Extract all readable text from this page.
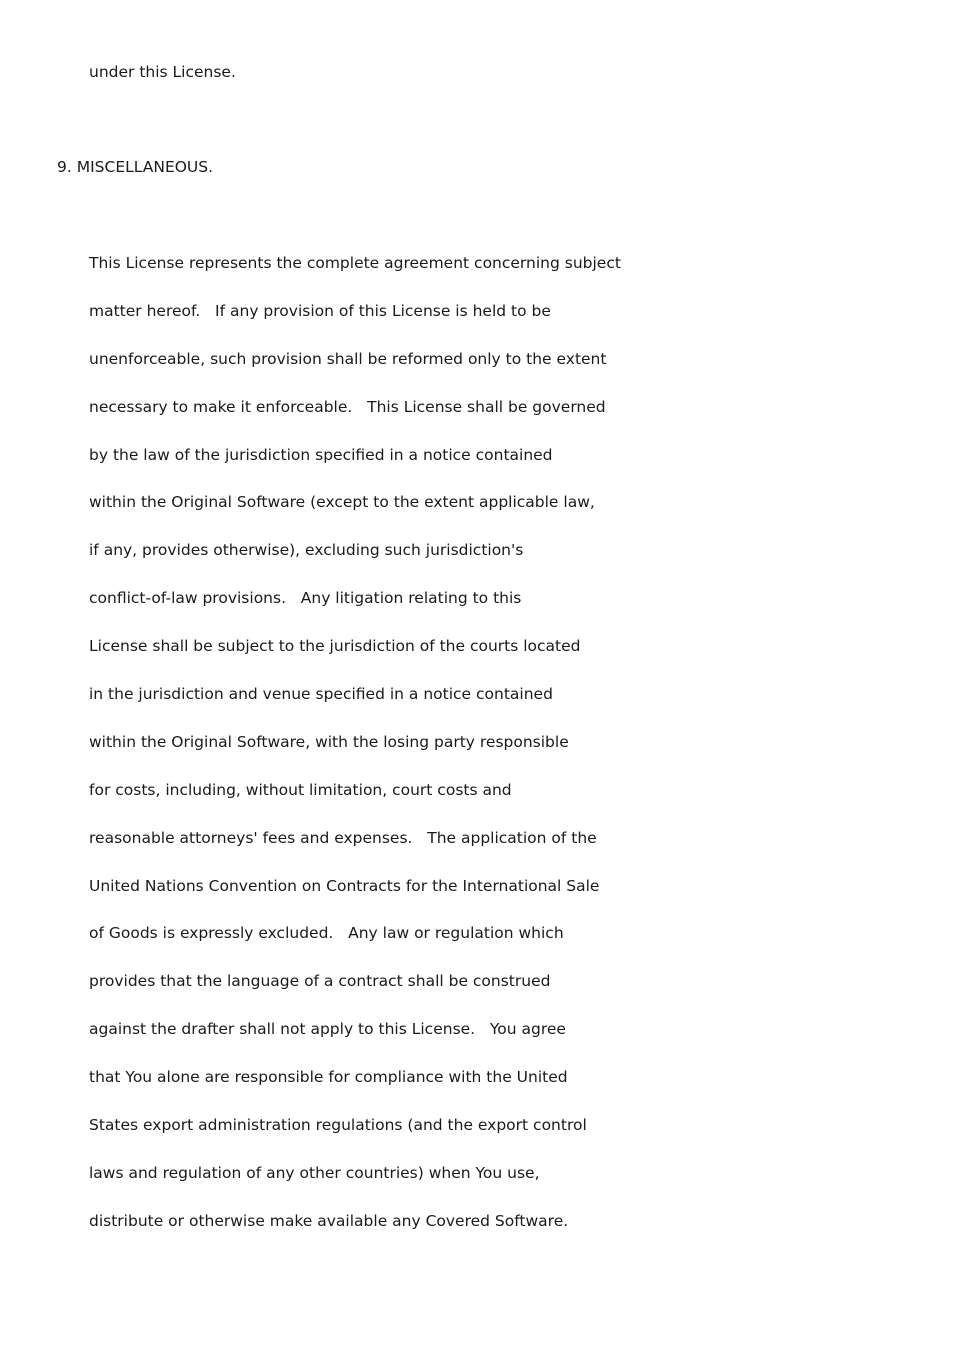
under this License.

9. MISCELLANEOUS.

This License represents the complete agreement concerning subject
matter hereof.   If any provision of this License is held to be
unenforceable, such provision shall be reformed only to the extent
necessary to make it enforceable.   This License shall be governed
by the law of the jurisdiction specified in a notice contained
within the Original Software (except to the extent applicable law,
if any, provides otherwise), excluding such jurisdiction's
conflict-of-law provisions.   Any litigation relating to this
License shall be subject to the jurisdiction of the courts located
in the jurisdiction and venue specified in a notice contained
within the Original Software, with the losing party responsible
for costs, including, without limitation, court costs and
reasonable attorneys' fees and expenses.   The application of the
United Nations Convention on Contracts for the International Sale
of Goods is expressly excluded.   Any law or regulation which
provides that the language of a contract shall be construed
against the drafter shall not apply to this License.   You agree
that You alone are responsible for compliance with the United
States export administration regulations (and the export control
laws and regulation of any other countries) when You use,
distribute or otherwise make available any Covered Software.
